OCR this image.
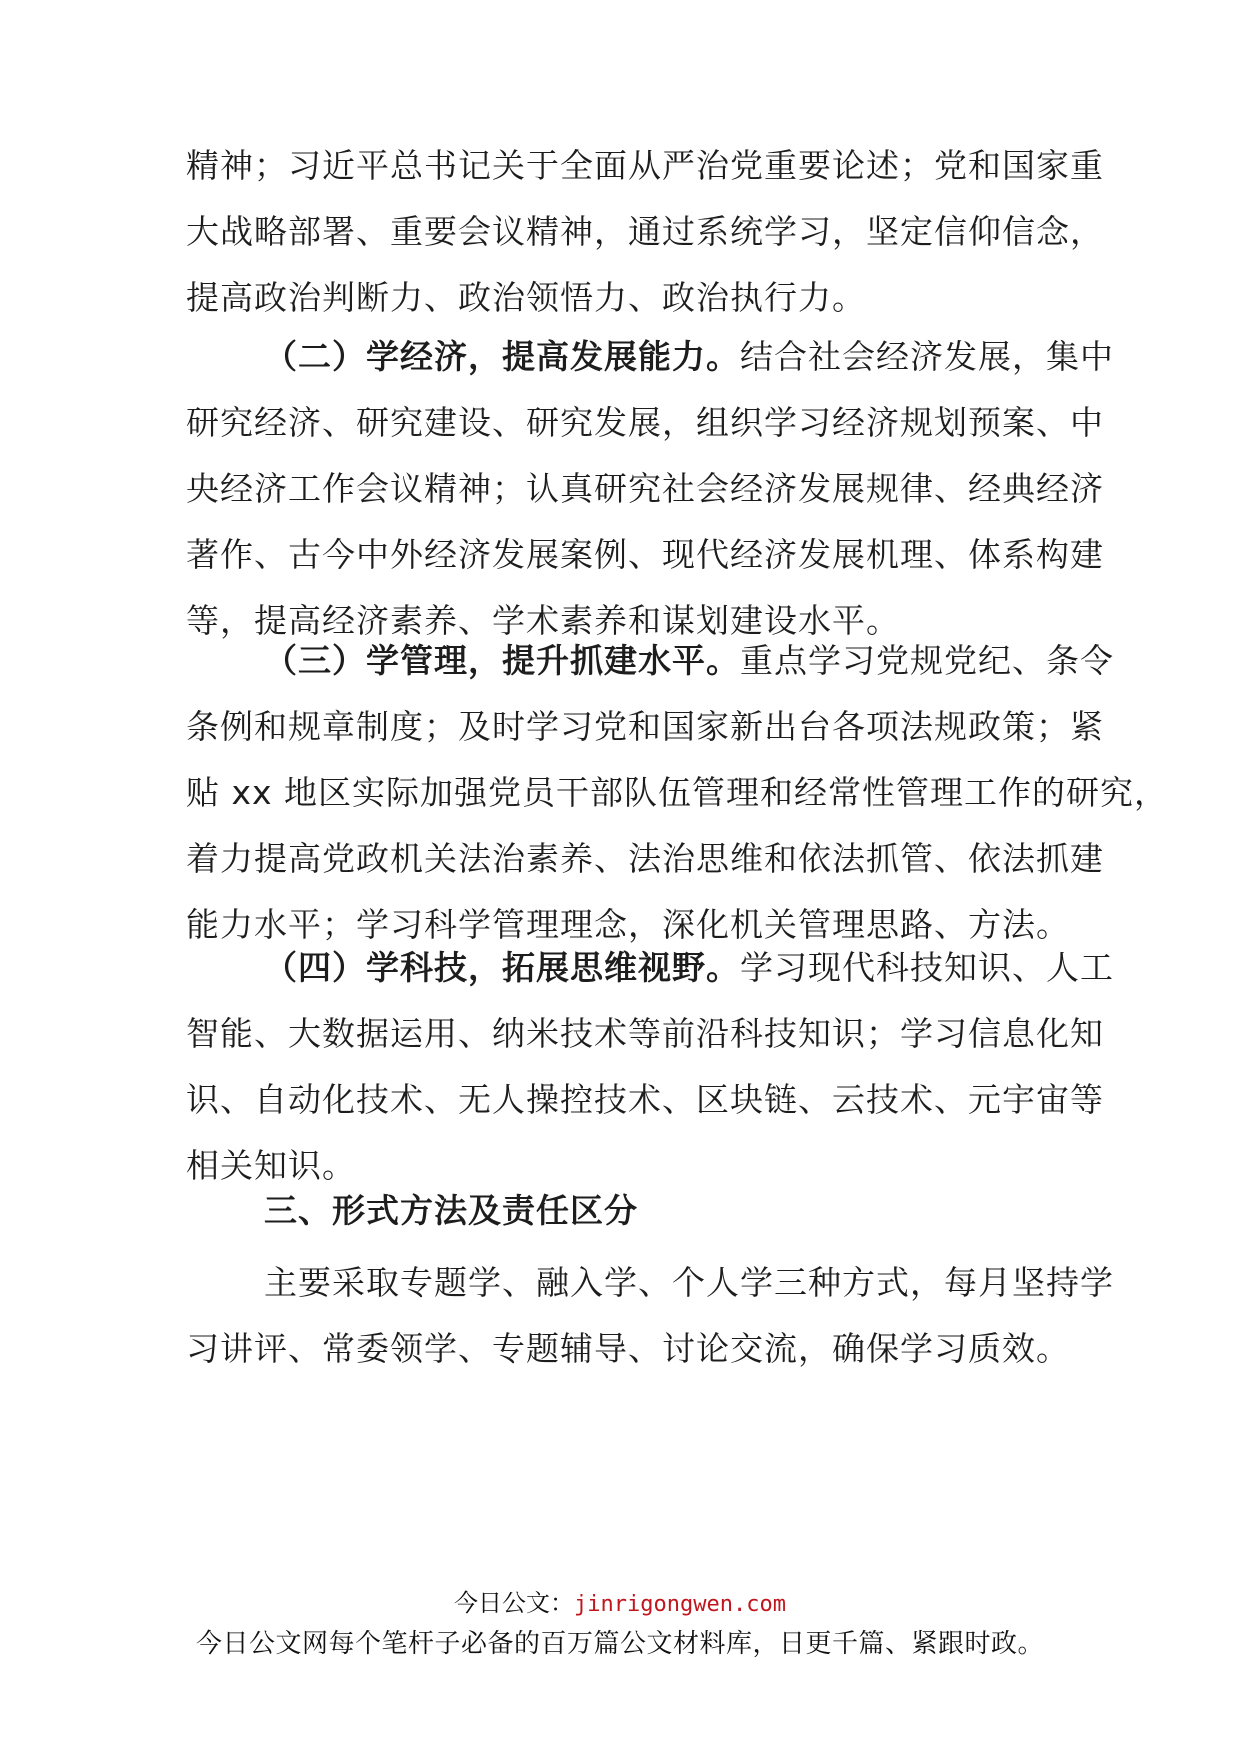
精神；习近平总书记关于全面从严治党重要论述；党和国家重
大战略部署、重要会议精神，通过系统学习，坚定信仰信念，
提高政治判断力、政治领悟力、政治执行力。
（二）学经济，提高发展能力。结合社会经济发展，集中
研究经济、研究建设、研究发展，组织学习经济规划预案、中
央经济工作会议精神；认真研究社会经济发展规律、经典经济
著作、古今中外经济发展案例、现代经济发展机理、体系构建
等，提高经济素养、学术素养和谋划建设水平。
（三）学管理，提升抓建水平。重点学习党规党纪、条令
条例和规章制度；及时学习党和国家新出台各项法规政策；紧
贴 xx 地区实际加强党员干部队伍管理和经常性管理工作的研究，
着力提高党政机关法治素养、法治思维和依法抓管、依法抓建
能力水平；学习科学管理理念，深化机关管理思路、方法。
（四）学科技，拓展思维视野。学习现代科技知识、人工
智能、大数据运用、纳米技术等前沿科技知识；学习信息化知
识、自动化技术、无人操控技术、区块链、云技术、元宇宙等
相关知识。
三、形式方法及责任区分
主要采取专题学、融入学、个人学三种方式，每月坚持学
习讲评、常委领学、专题辅导、讨论交流，确保学习质效。
今日公文：jinrigongwen.com
今日公文网每个笔杆子必备的百万篇公文材料库，日更千篇、紧跟时政。
